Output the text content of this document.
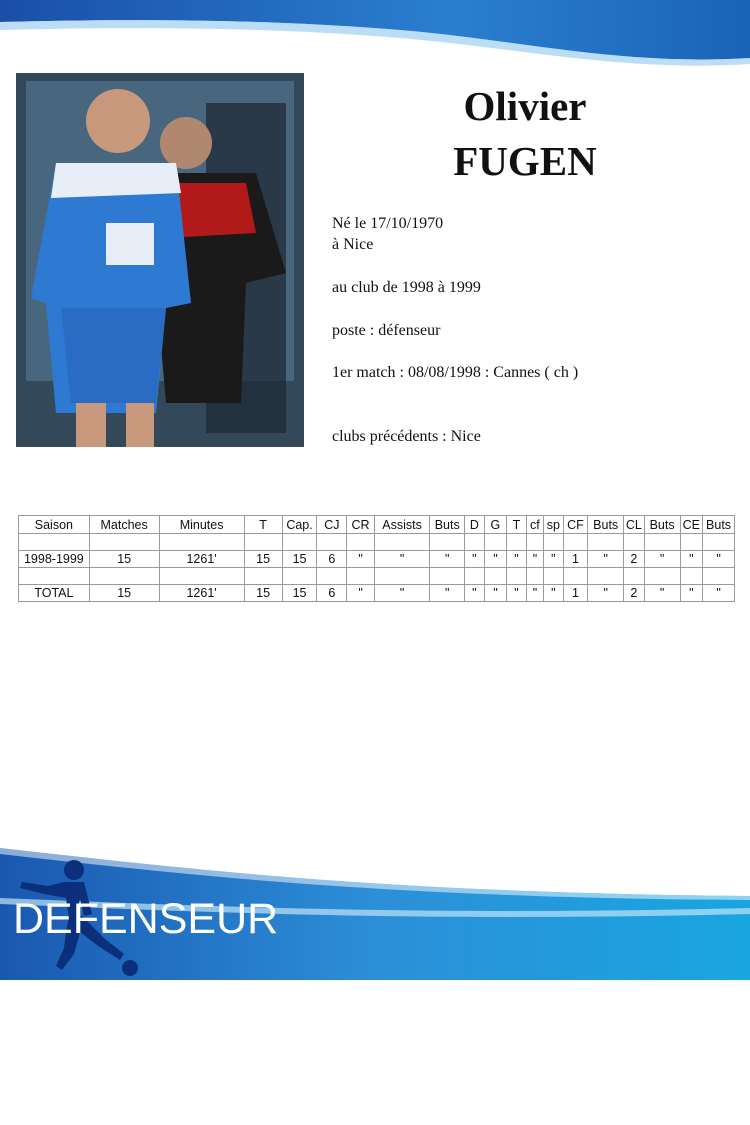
Olivier
FUGEN
Né le 17/10/1970
à Nice
au club de 1998 à 1999
poste : défenseur
1er match : 08/08/1998 : Cannes ( ch )
clubs précédents : Nice
Saison	Matches	Minutes	T	Cap.	CJ	CR	Assists	Buts	D	G	T	cf	sp	CF	Buts	CL	Buts	CE	Buts

1998-1999	15	1261'	15	15	6	"	"	"	"	"	"	"	"	1	"	2	"	"	"

TOTAL	15	1261'	15	15	6	"	"	"	"	"	"	"	"	1	"	2	"	"	"
DEFENSEUR
